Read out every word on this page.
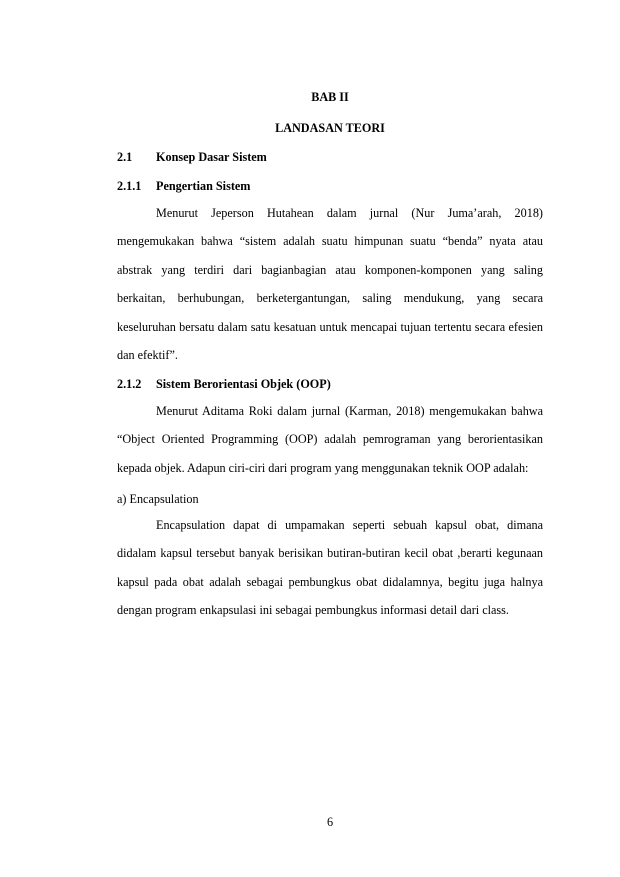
BAB II

LANDASAN TEORI

2.1 Konsep Dasar Sistem

2.1.1 Pengertian Sistem

Menurut Jeperson Hutahean dalam jurnal (Nur Juma’arah, 2018) mengemukakan bahwa “sistem adalah suatu himpunan suatu “benda” nyata atau abstrak yang terdiri dari bagianbagian atau komponen-komponen yang saling berkaitan, berhubungan, berketergantungan, saling mendukung, yang secara keseluruhan bersatu dalam satu kesatuan untuk mencapai tujuan tertentu secara efesien dan efektif”.

2.1.2 Sistem Berorientasi Objek (OOP)

Menurut Aditama Roki dalam jurnal (Karman, 2018) mengemukakan bahwa “Object Oriented Programming (OOP) adalah pemrograman yang berorientasikan kepada objek. Adapun ciri-ciri dari program yang menggunakan teknik OOP adalah:

a) Encapsulation

Encapsulation dapat di umpamakan seperti sebuah kapsul obat, dimana didalam kapsul tersebut banyak berisikan butiran-butiran kecil obat ,berarti kegunaan kapsul pada obat adalah sebagai pembungkus obat didalamnya, begitu juga halnya dengan program enkapsulasi ini sebagai pembungkus informasi detail dari class.

6
